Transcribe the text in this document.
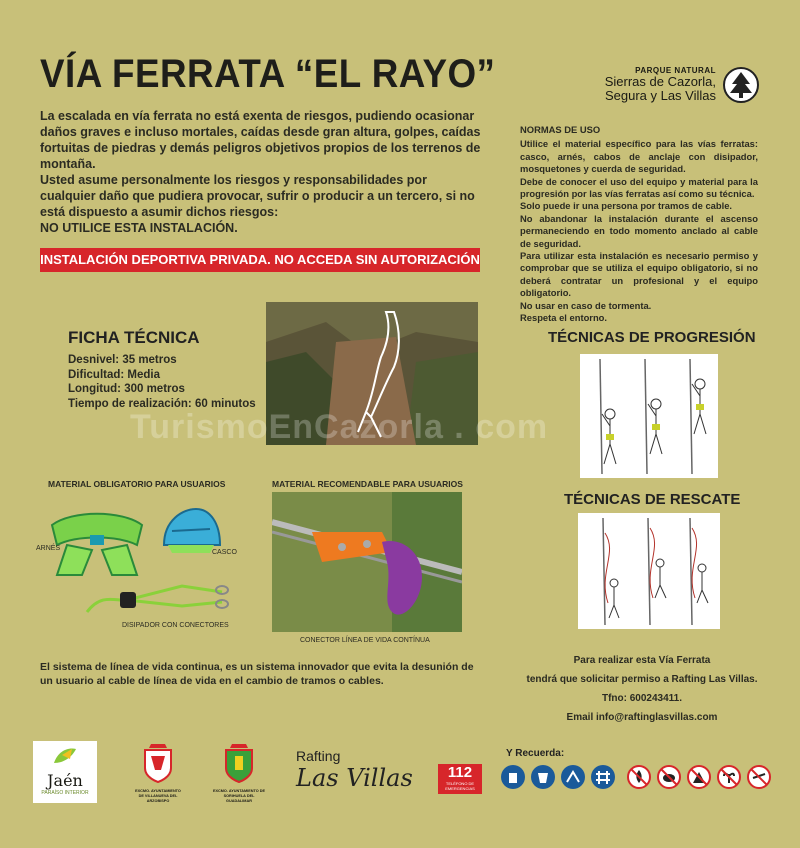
VÍA FERRATA “EL RAYO”	PARQUE NATURAL
Sierras de Cazorla,
Segura y Las Villas

La escalada en vía ferrata no está exenta de riesgos, pudiendo ocasionar daños graves e incluso mortales, caídas desde gran altura, golpes, caídas fortuitas de piedras y demás peligros objetivos propios de los terrenos de montaña.

Usted asume personalmente los riesgos y responsabilidades por cualquier daño que pudiera provocar, sufrir o producir a un tercero, si no está dispuesto a asumir dichos riesgos:

NO UTILICE ESTA INSTALACIÓN.

INSTALACIÓN DEPORTIVA PRIVADA. NO ACCEDA SIN AUTORIZACIÓN
NORMAS DE USO

Utilice el material específico para las vías ferratas: casco, arnés, cabos de anclaje con disipador, mosquetones y cuerda de seguridad.

Debe de conocer el uso del equipo y material para la progresión por las vías ferratas así como su técnica.

Solo puede ir una persona por tramos de cable.

No abandonar la instalación durante el ascenso permaneciendo en todo momento anclado al cable de seguridad.

Para utilizar esta instalación es necesario permiso y comprobar que se utiliza el equipo obligatorio, si no deberá contratar un profesional y el equipo obligatorio.

No usar en caso de tormenta.

Respeta el entorno.

FICHA TÉCNICA

Desnivel: 35 metros

Dificultad: Media

Longitud: 300 metros

Tiempo de realización: 60 minutos

TurismoEnCazorla . com
TÉCNICAS DE PROGRESIÓN
TÉCNICAS DE RESCATE
MATERIAL OBLIGATORIO PARA USUARIOS	MATERIAL RECOMENDABLE PARA USUARIOS
ARNÉS
CASCO
DISIPADOR CON CONECTORES
CONECTOR LÍNEA DE VIDA CONTÍNUA
El sistema de línea de vida continua, es un sistema innovador que evita la desunión de un usuario al cable de línea de vida en el cambio de tramos o cables.

Para realizar esta Vía Ferrata

tendrá que solicitar permiso a Rafting Las Villas.

Tfno: 600243411.

Email info@raftinglasvillas.com

Jaén
PARAÍSO INTERIOR	EXCMO. AYUNTAMIENTO DE VILLANUEVA DEL ARZOBISPO
EXCMO. AYUNTAMIENTO DE SORIHUELA DEL GUADALIMAR
Rafting
Las Villas	112
TELÉFONO DE EMERGENCIAS
Y Recuerda:
